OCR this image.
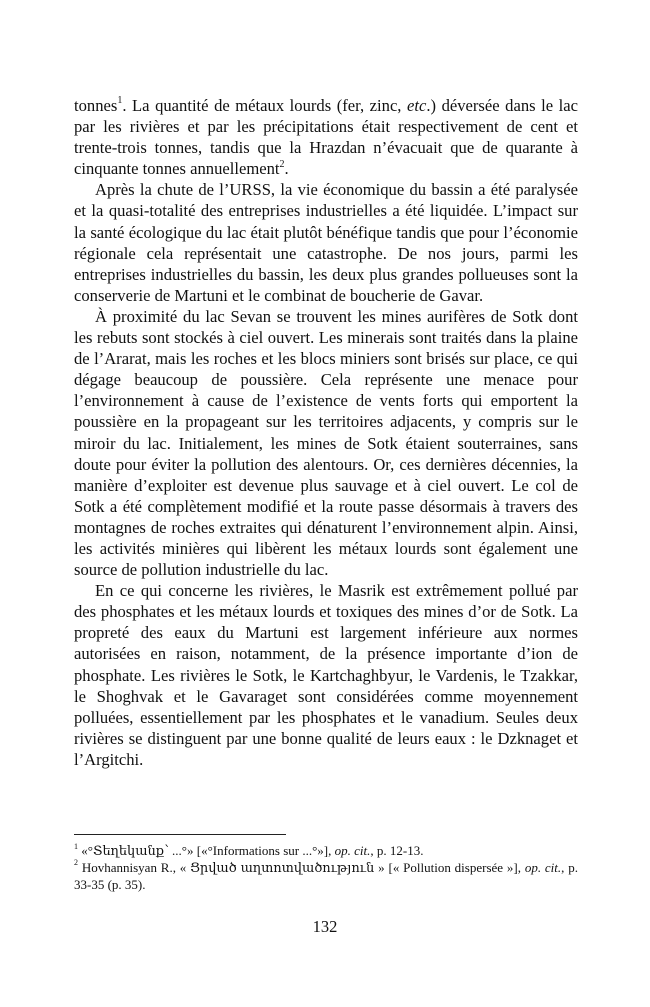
tonnes$^1$. La quantité de métaux lourds (fer, zinc, etc.) déversée dans le lac par les rivières et par les précipitations était respectivement de cent et trente-trois tonnes, tandis que la Hrazdan n’évacuait que de quarante à cinquante tonnes annuellement$^2$.

Après la chute de l’URSS, la vie économique du bassin a été paralysée et la quasi-totalité des entreprises industrielles a été liquidée. L’impact sur la santé écologique du lac était plutôt bénéfique tandis que pour l’économie régionale cela représentait une catastrophe. De nos jours, parmi les entreprises industrielles du bassin, les deux plus grandes pollueuses sont la conserverie de Martuni et le combinat de boucherie de Gavar.

À proximité du lac Sevan se trouvent les mines aurifères de Sotk dont les rebuts sont stockés à ciel ouvert. Les minerais sont traités dans la plaine de l’Ararat, mais les roches et les blocs miniers sont brisés sur place, ce qui dégage beaucoup de poussière. Cela représente une menace pour l’environnement à cause de l’existence de vents forts qui emportent la poussière en la propageant sur les territoires adjacents, y compris sur le miroir du lac. Initialement, les mines de Sotk étaient souterraines, sans doute pour éviter la pollution des alentours. Or, ces dernières décennies, la manière d’exploiter est devenue plus sauvage et à ciel ouvert. Le col de Sotk a été complètement modifié et la route passe désormais à travers des montagnes de roches extraites qui dénaturent l’environnement alpin. Ainsi, les activités minières qui libèrent les métaux lourds sont également une source de pollution industrielle du lac.

En ce qui concerne les rivières, le Masrik est extrêmement pollué par des phosphates et les métaux lourds et toxiques des mines d’or de Sotk. La propreté des eaux du Martuni est largement inférieure aux normes autorisées en raison, notamment, de la présence importante d’ion de phosphate. Les rivières le Sotk, le Kartchaghbyur, le Vardenis, le Tzakkar, le Shoghvak et le Gavaraget sont considérées comme moyennement polluées, essentiellement par les phosphates et le vanadium. Seules deux rivières se distinguent par une bonne qualité de leurs eaux : le Dzknaget et l’Argitchi.

$^1$ «°Տեղեկանք՝ ...°» [«°Informations sur ...°»], op. cit., p. 12-13.

$^2$ Hovhannisyan R., « Ցրված աղտոտվածություն » [« Pollution dispersée »], op. cit., p. 33-35 (p. 35).

132
